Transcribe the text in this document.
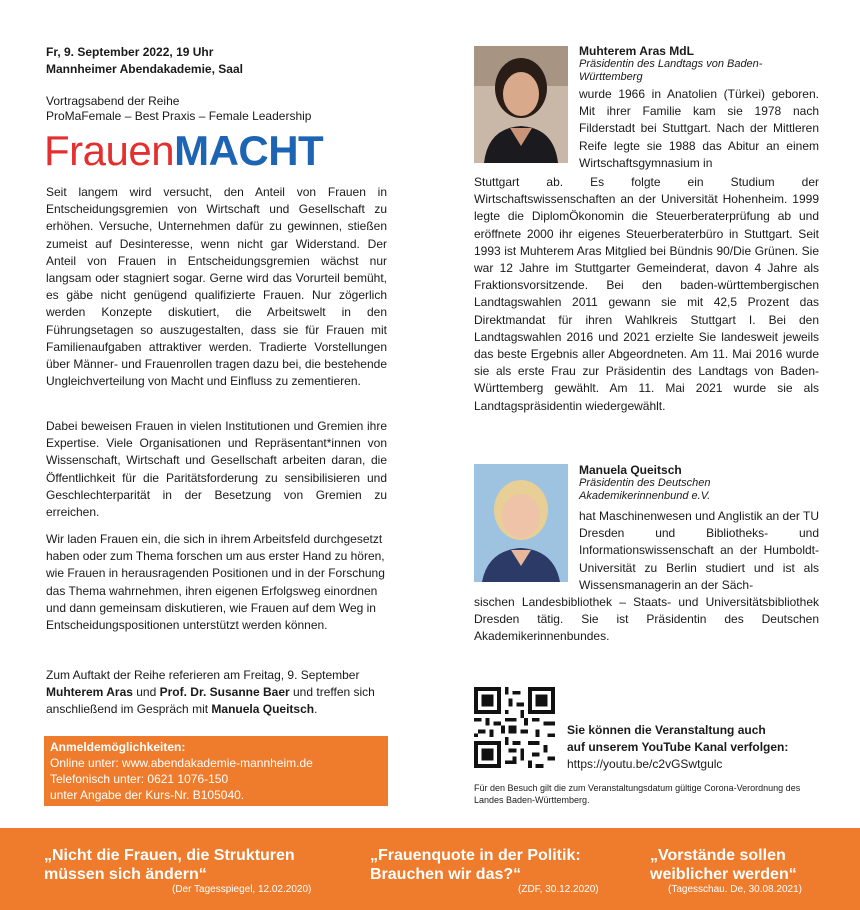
Fr, 9. September 2022, 19 Uhr
Mannheimer Abendakademie, Saal
Vortragsabend der Reihe
ProMaFemale – Best Praxis – Female Leadership
FrauenMACHT

Seit langem wird versucht, den Anteil von Frauen in Entscheidungsgremien von Wirtschaft und Gesellschaft zu erhöhen. Versuche, Unternehmen dafür zu gewinnen, stießen zumeist auf Desinteresse, wenn nicht gar Widerstand. Der Anteil von Frauen in Entscheidungsgremien wächst nur langsam oder stagniert sogar. Gerne wird das Vorurteil bemüht, es gäbe nicht genügend qualifizierte Frauen. Nur zögerlich werden Konzepte diskutiert, die Arbeitswelt in den Führungsetagen so auszugestalten, dass sie für Frauen mit Familienaufgaben attraktiver werden. Tradierte Vorstellungen über Männer- und Frauenrollen tragen dazu bei, die bestehende Ungleichverteilung von Macht und Einfluss zu zementieren.

Dabei beweisen Frauen in vielen Institutionen und Gremien ihre Expertise. Viele Organisationen und Repräsentant*innen von Wissenschaft, Wirtschaft und Gesellschaft arbeiten daran, die Öffentlichkeit für die Paritätsforderung zu sensibilisieren und Geschlechterparität in der Besetzung von Gremien zu erreichen.

Wir laden Frauen ein, die sich in ihrem Arbeitsfeld durchgesetzt haben oder zum Thema forschen um aus erster Hand zu hören, wie Frauen in herausragenden Positionen und in der Forschung das Thema wahrnehmen, ihren eigenen Erfolgsweg einordnen und dann gemeinsam diskutieren, wie Frauen auf dem Weg in Entscheidungspositionen unterstützt werden können.

Zum Auftakt der Reihe referieren am Freitag, 9. September Muhterem Aras und Prof. Dr. Susanne Baer und treffen sich anschließend im Gespräch mit Manuela Queitsch.

Anmeldemöglichkeiten:
Online unter: www.abendakademie-mannheim.de
Telefonisch unter: 0621 1076-150
unter Angabe der Kurs-Nr. B105040.
Muhterem Aras MdL
Präsidentin des Landtags von Baden-Württemberg

wurde 1966 in Anatolien (Türkei) geboren. Mit ihrer Familie kam sie 1978 nach Filderstadt bei Stuttgart. Nach der Mittleren Reife legte sie 1988 das Abitur an einem Wirtschaftsgymnasium in

Stuttgart ab. Es folgte ein Studium der Wirtschaftswissenschaften an der Universität Hohenheim. 1999 legte die DiplomÖkonomin die Steuerberaterprüfung ab und eröffnete 2000 ihr eigenes Steuerberaterbüro in Stuttgart. Seit 1993 ist Muhterem Aras Mitglied bei Bündnis 90/Die Grünen. Sie war 12 Jahre im Stuttgarter Gemeinderat, davon 4 Jahre als Fraktionsvorsitzende. Bei den baden-württembergischen Landtagswahlen 2011 gewann sie mit 42,5 Prozent das Direktmandat für ihren Wahlkreis Stuttgart I. Bei den Landtagswahlen 2016 und 2021 erzielte Sie landesweit jeweils das beste Ergebnis aller Abgeordneten. Am 11. Mai 2016 wurde sie als erste Frau zur Präsidentin des Landtags von Baden-Württemberg gewählt. Am 11. Mai 2021 wurde sie als Landtagspräsidentin wiedergewählt.

Manuela Queitsch
Präsidentin des Deutschen Akademikerinnenbund e.V.

hat Maschinenwesen und Anglistik an der TU Dresden und Bibliotheks- und Informationswissenschaft an der Humboldt-Universität zu Berlin studiert und ist als Wissensmanagerin an der Säch-

sischen Landesbibliothek – Staats- und Universitätsbibliothek Dresden tätig. Sie ist Präsidentin des Deutschen Akademikerinnenbundes.

Sie können die Veranstaltung auch
auf unserem YouTube Kanal verfolgen:
https://youtu.be/c2vGSwtgulc

Für den Besuch gilt die zum Veranstaltungsdatum gültige Corona-Verordnung des Landes Baden-Württemberg.

„Nicht die Frauen, die Strukturen
müssen sich ändern“
(Der Tagesspiegel, 12.02.2020)
„Frauenquote in der Politik:
Brauchen wir das?“
(ZDF, 30.12.2020)
„Vorstände sollen
weiblicher werden“
(Tagesschau. De, 30.08.2021)
